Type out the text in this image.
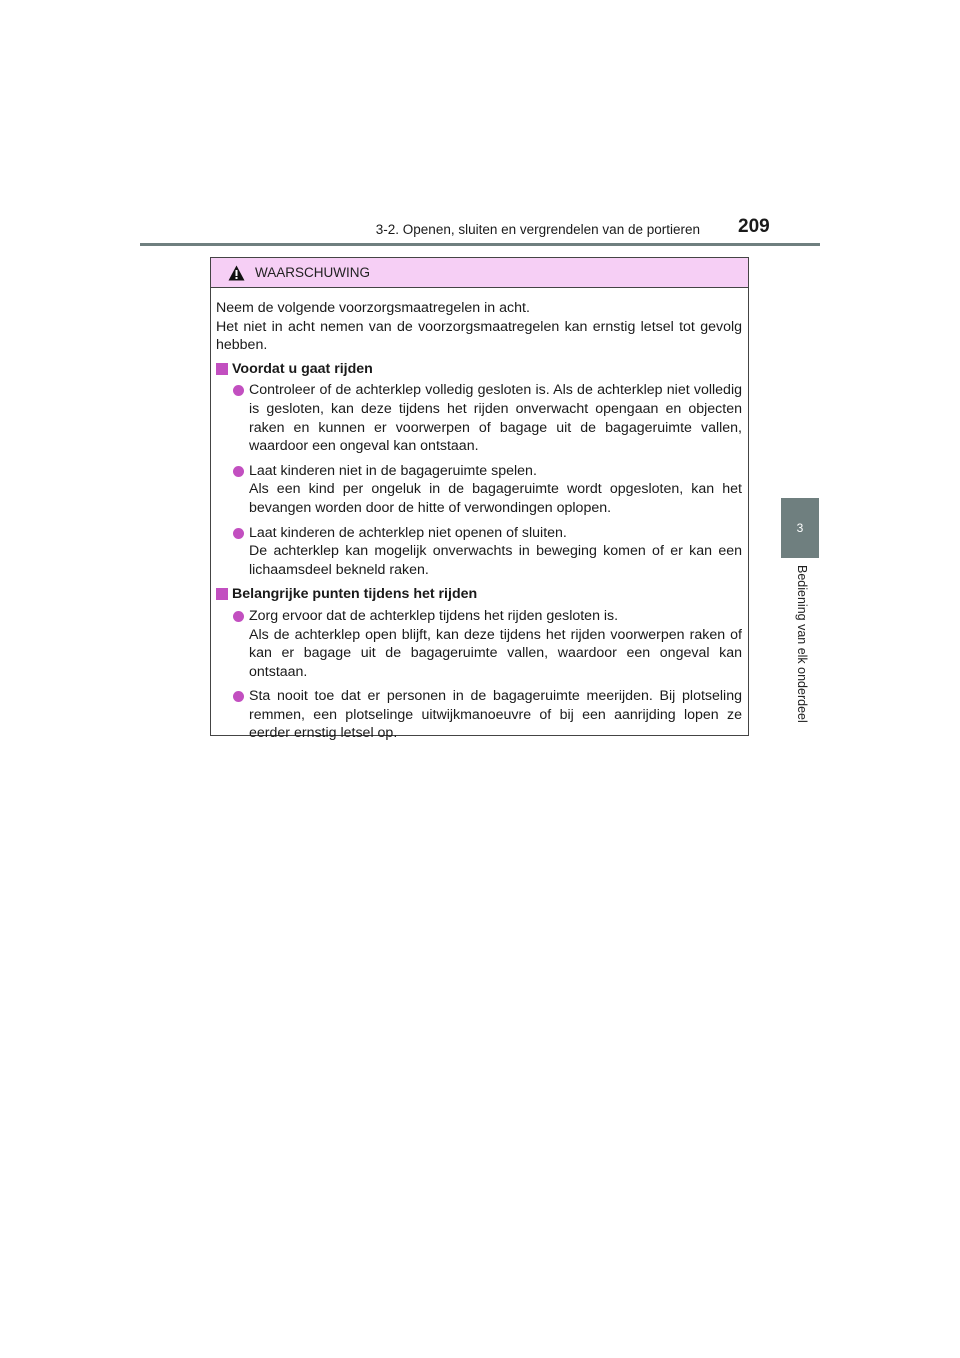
3-2. Openen, sluiten en vergrendelen van de portieren 209
3
Bediening van elk onderdeel
WAARSCHUWING

Neem de volgende voorzorgsmaatregelen in acht.

Het niet in acht nemen van de voorzorgsmaatregelen kan ernstig letsel tot gevolg hebben.

Voordat u gaat rijden

Controleer of de achterklep volledig gesloten is. Als de achterklep niet volledig is gesloten, kan deze tijdens het rijden onverwacht opengaan en objecten raken en kunnen er voorwerpen of bagage uit de bagageruimte vallen, waardoor een ongeval kan ontstaan.

Laat kinderen niet in de bagageruimte spelen.

Als een kind per ongeluk in de bagageruimte wordt opgesloten, kan het bevangen worden door de hitte of verwondingen oplopen.

Laat kinderen de achterklep niet openen of sluiten.

De achterklep kan mogelijk onverwachts in beweging komen of er kan een lichaamsdeel bekneld raken.

Belangrijke punten tijdens het rijden

Zorg ervoor dat de achterklep tijdens het rijden gesloten is.

Als de achterklep open blijft, kan deze tijdens het rijden voorwerpen raken of kan er bagage uit de bagageruimte vallen, waardoor een ongeval kan ontstaan.

Sta nooit toe dat er personen in de bagageruimte meerijden. Bij plotseling remmen, een plotselinge uitwijkmanoeuvre of bij een aanrijding lopen ze eerder ernstig letsel op.
